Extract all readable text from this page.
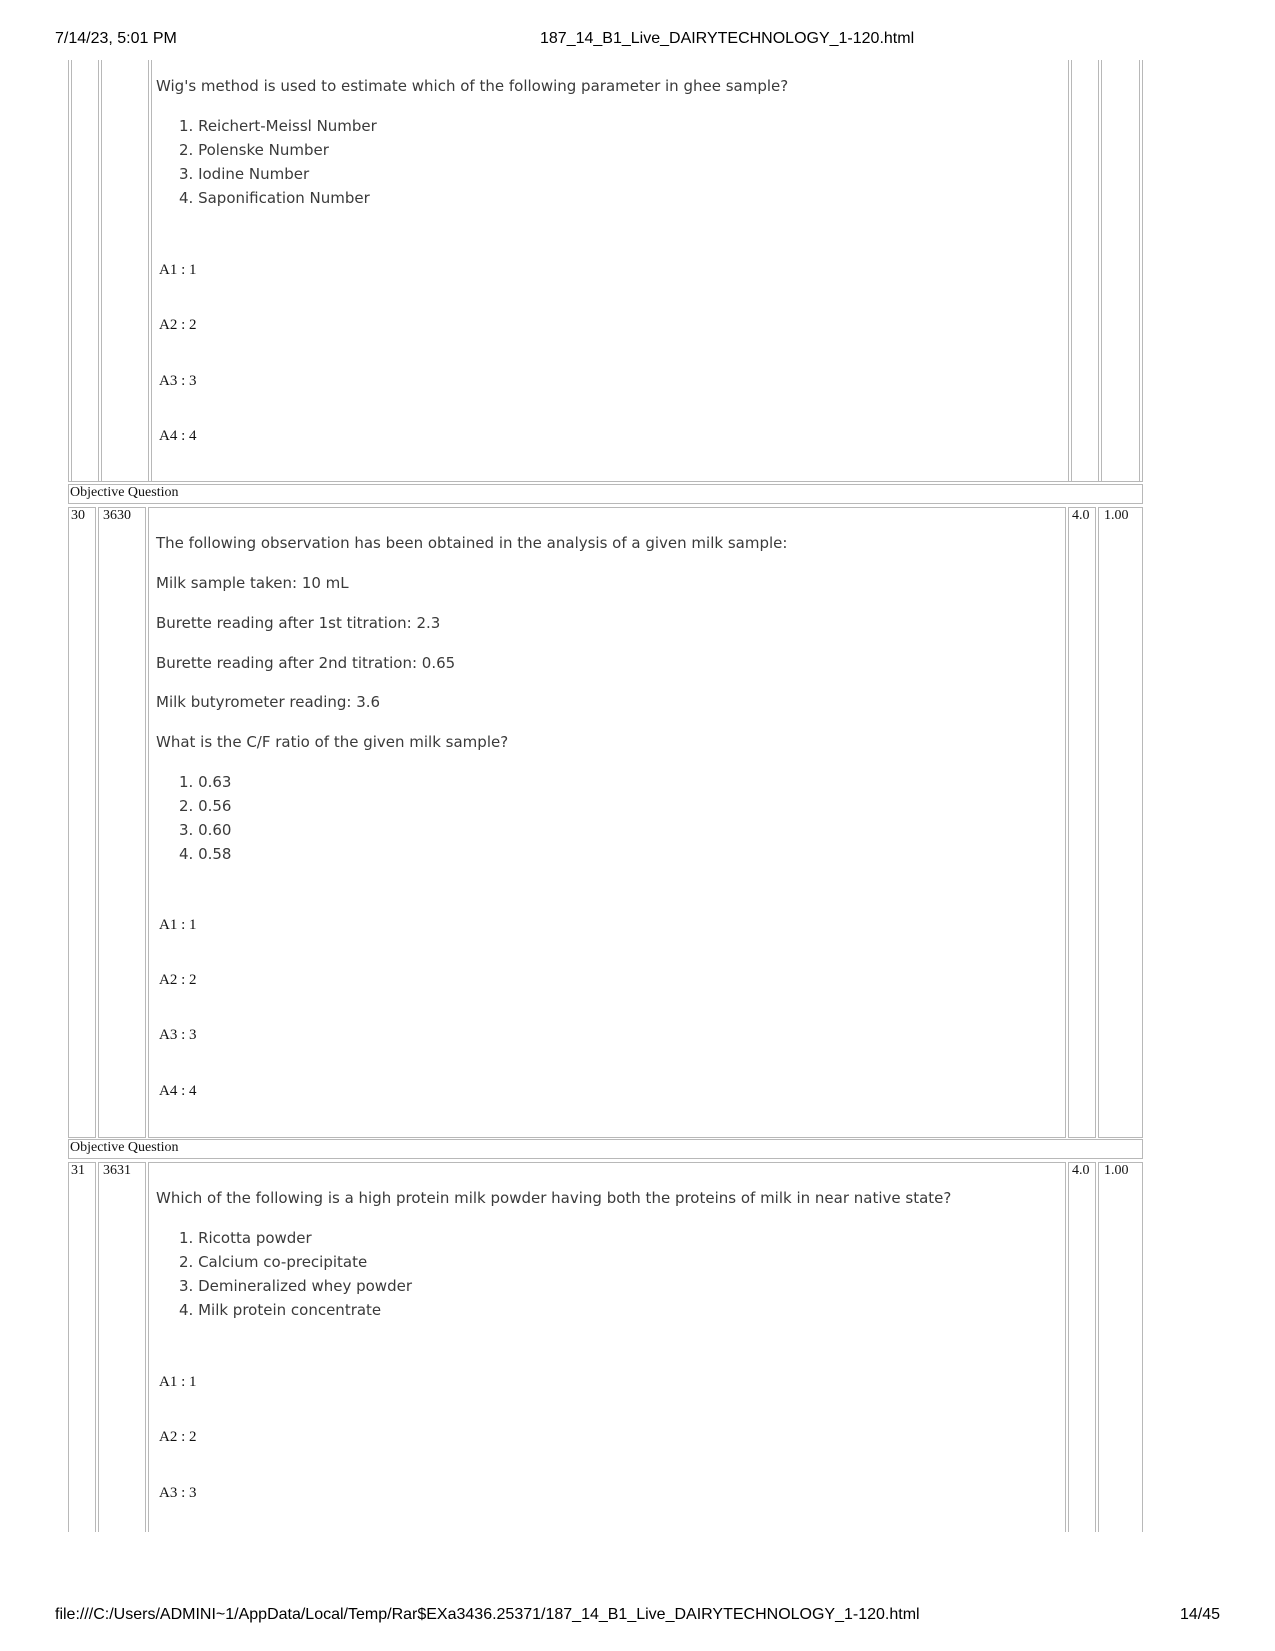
7/14/23, 5:01 PM	187_14_B1_Live_DAIRYTECHNOLOGY_1-120.html
Wig's method is used to estimate which of the following parameter in ghee sample?
1. Reichert-Meissl Number
2. Polenske Number
3. Iodine Number
4. Saponification Number
A1 : 1
A2 : 2
A3 : 3
A4 : 4
Objective Question
30 3630	4.0 1.00
The following observation has been obtained in the analysis of a given milk sample:
Milk sample taken: 10 mL
Burette reading after 1st titration: 2.3
Burette reading after 2nd titration: 0.65
Milk butyrometer reading: 3.6
What is the C/F ratio of the given milk sample?
1. 0.63
2. 0.56
3. 0.60
4. 0.58
A1 : 1
A2 : 2
A3 : 3
A4 : 4
Objective Question
31 3631	4.0 1.00
Which of the following is a high protein milk powder having both the proteins of milk in near native state?
1. Ricotta powder
2. Calcium co-precipitate
3. Demineralized whey powder
4. Milk protein concentrate
A1 : 1
A2 : 2
A3 : 3
file:///C:/Users/ADMINI~1/AppData/Local/Temp/Rar$EXa3436.25371/187_14_B1_Live_DAIRYTECHNOLOGY_1-120.html	14/45
